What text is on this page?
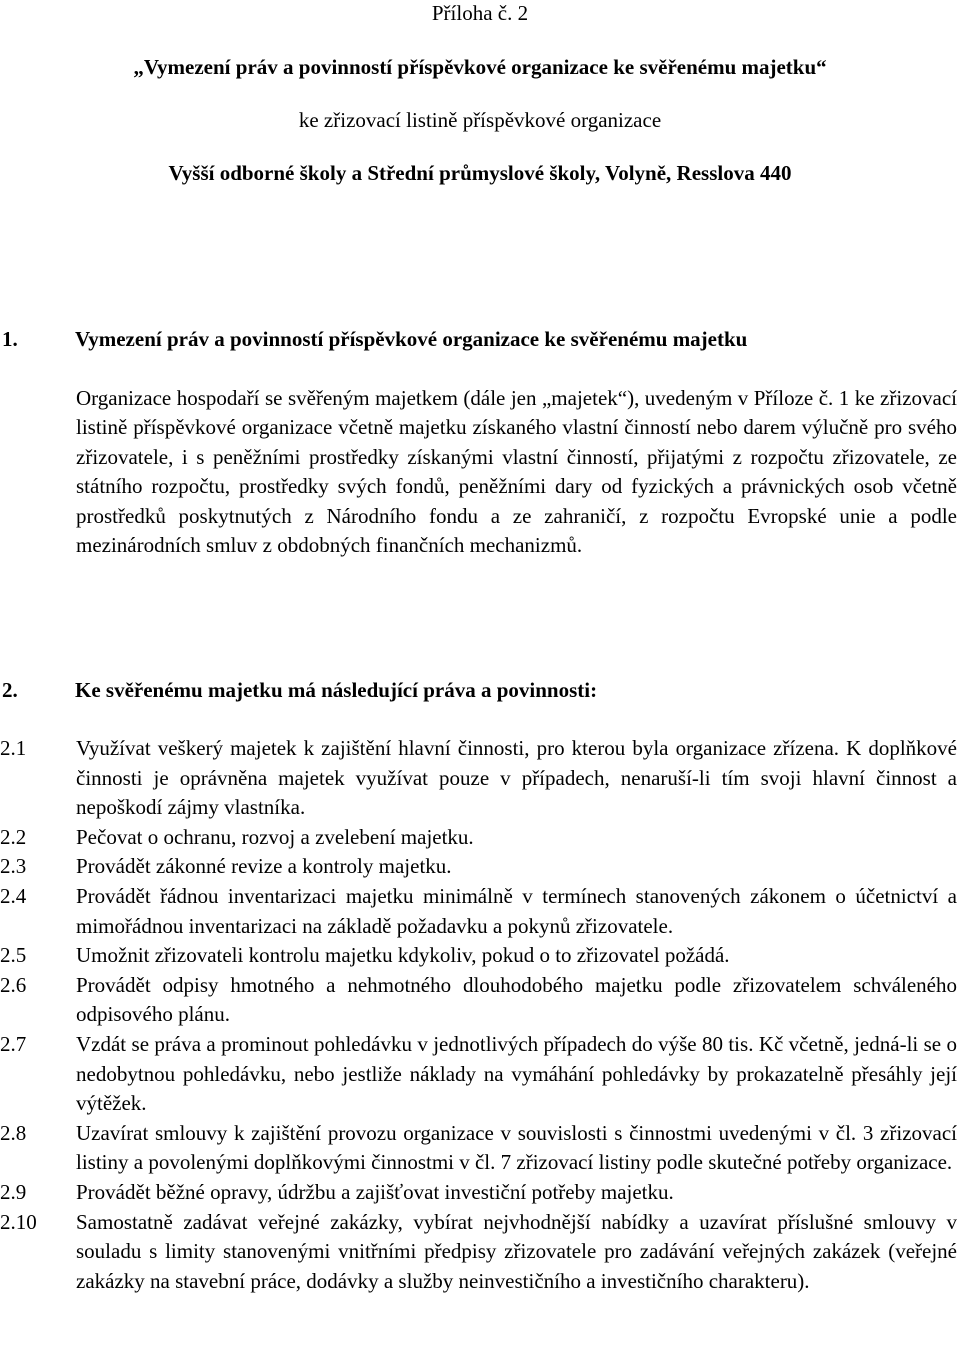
Příloha č. 2
„Vymezení práv a povinností příspěvkové organizace ke svěřenému majetku“
ke zřizovací listině příspěvkové organizace
Vyšší odborné školy a Střední průmyslové školy, Volyně, Resslova 440
1.	Vymezení práv a povinností příspěvkové organizace ke svěřenému majetku
Organizace hospodaří se svěřeným majetkem (dále jen „majetek“), uvedeným v Příloze č. 1 ke zřizovací listině příspěvkové organizace včetně majetku získaného vlastní činností nebo darem výlučně pro svého zřizovatele, i s peněžními prostředky získanými vlastní činností, přijatými z rozpočtu zřizovatele, ze státního rozpočtu, prostředky svých fondů, peněžními dary od fyzických a právnických osob včetně prostředků poskytnutých z Národního fondu a ze zahraničí, z rozpočtu Evropské unie a podle mezinárodních smluv z obdobných finančních mechanizmů.
2.	Ke svěřenému majetku má následující práva a povinnosti:
2.1	Využívat veškerý majetek k zajištění hlavní činnosti, pro kterou byla organizace zřízena. K doplňkové činnosti je oprávněna majetek využívat pouze v případech, nenaruší-li tím svoji hlavní činnost a nepoškodí zájmy vlastníka.
2.2	Pečovat o ochranu, rozvoj a zvelebení majetku.
2.3	Provádět zákonné revize a kontroly majetku.
2.4	Provádět řádnou inventarizaci majetku minimálně v termínech stanovených zákonem o účetnictví a mimořádnou inventarizaci na základě požadavku a pokynů zřizovatele.
2.5	Umožnit zřizovateli kontrolu majetku kdykoliv, pokud o to zřizovatel požádá.
2.6	Provádět odpisy hmotného a nehmotného dlouhodobého majetku podle zřizovatelem schváleného odpisového plánu.
2.7	Vzdát se práva a prominout pohledávku v jednotlivých případech do výše 80 tis. Kč včetně, jedná-li se o nedobytnou pohledávku, nebo jestliže náklady na vymáhání pohledávky by prokazatelně přesáhly její výtěžek.
2.8	Uzavírat smlouvy k zajištění provozu organizace v souvislosti s činnostmi uvedenými v čl. 3 zřizovací listiny a povolenými doplňkovými činnostmi v čl. 7 zřizovací listiny podle skutečné potřeby organizace.
2.9	Provádět běžné opravy, údržbu a zajišťovat investiční potřeby majetku.
2.10	Samostatně zadávat veřejné zakázky, vybírat nejvhodnější nabídky a uzavírat příslušné smlouvy v souladu s limity stanovenými vnitřními předpisy zřizovatele pro zadávání veřejných zakázek (veřejné zakázky na stavební práce, dodávky a služby neinvestičního a investičního charakteru).
